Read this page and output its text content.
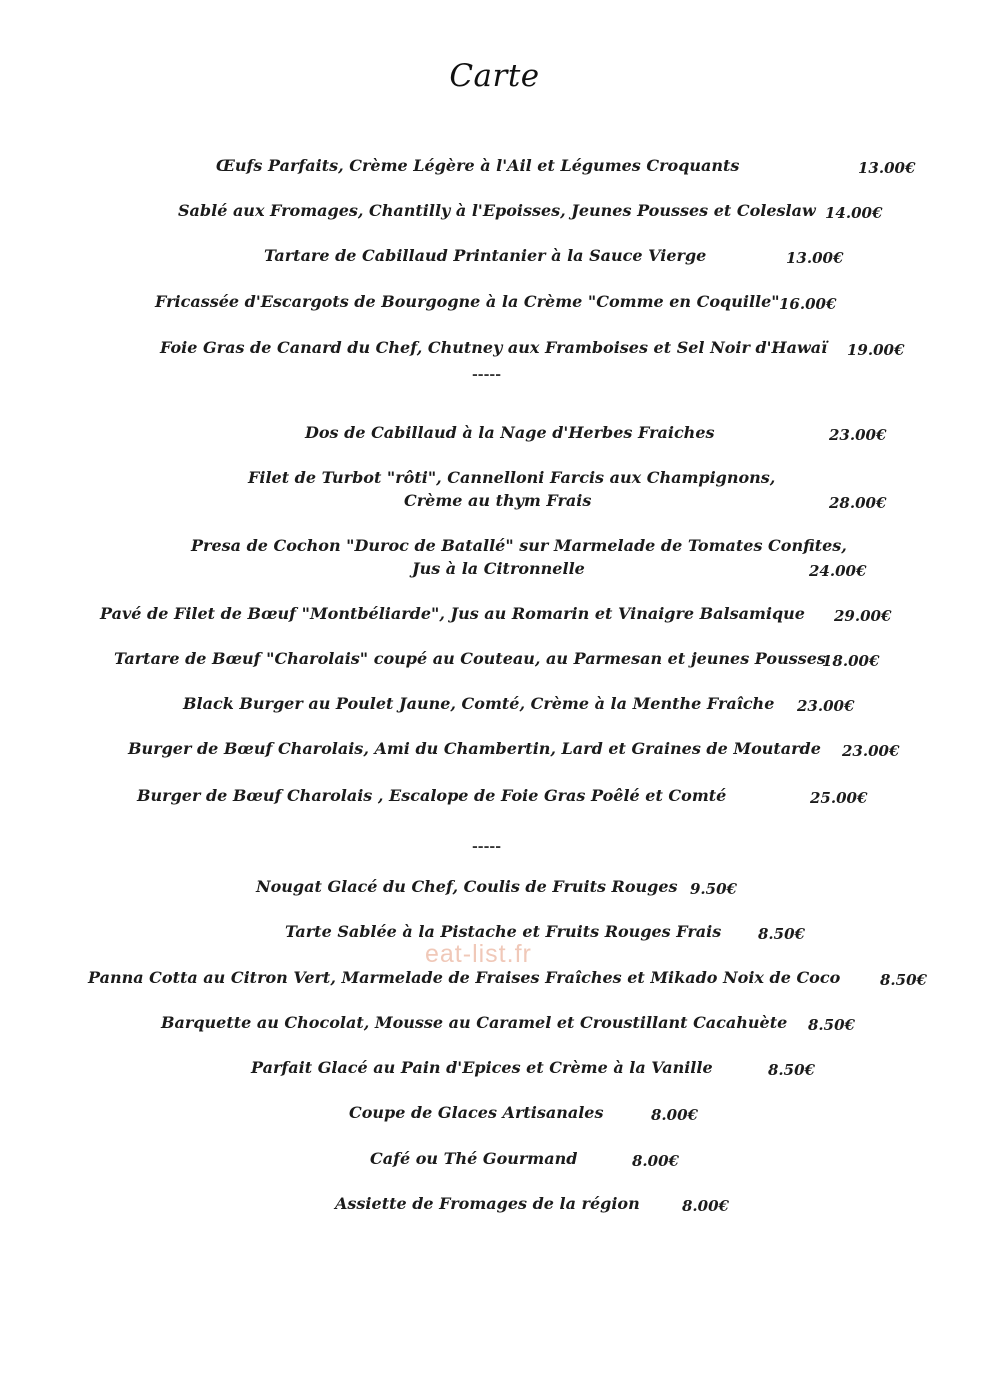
Carte
Œufs Parfaits, Crème Légère à l'Ail et Légumes Croquants	13.00€
Sablé aux Fromages, Chantilly à l'Epoisses, Jeunes Pousses et Coleslaw 14.00€
Tartare de Cabillaud Printanier à la Sauce Vierge	13.00€
Fricassée d'Escargots de Bourgogne à la Crème "Comme en Coquille" 16.00€
Foie Gras de Canard du Chef, Chutney aux Framboises et Sel Noir d'Hawaï 19.00€
-----
Dos de Cabillaud à la Nage d'Herbes Fraiches	23.00€
Filet de Turbot "rôti", Cannelloni Farcis aux Champignons,
Crème au thym Frais	28.00€
Presa de Cochon "Duroc de Batallé" sur Marmelade de Tomates Confites,
Jus à la Citronnelle	24.00€
Pavé de Filet de Bœuf "Montbéliarde", Jus au Romarin et Vinaigre Balsamique 29.00€
Tartare de Bœuf "Charolais" coupé au Couteau, au Parmesan et jeunes Pousses
18.00€
Black Burger au Poulet Jaune, Comté, Crème à la Menthe Fraîche 23.00€
Burger de Bœuf Charolais, Ami du Chambertin, Lard et Graines de Moutarde 23.00€
Burger de Bœuf Charolais , Escalope de Foie Gras Poêlé et Comté	25.00€
-----
Nougat Glacé du Chef, Coulis de Fruits Rouges 9.50€
Tarte Sablée à la Pistache et Fruits Rouges Frais 8.50€
Panna Cotta au Citron Vert, Marmelade de Fraises Fraîches et Mikado Noix de Coco	8.50€
Barquette au Chocolat, Mousse au Caramel et Croustillant Cacahuète 8.50€
Parfait Glacé au Pain d'Epices et Crème à la Vanille	8.50€
Coupe de Glaces Artisanales	8.00€
Café ou Thé Gourmand	8.00€
Assiette de Fromages de la région	8.00€
eat-list.fr
